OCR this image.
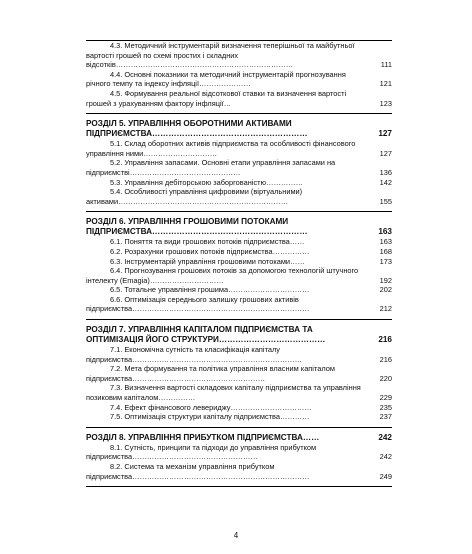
4.3. Методичний інструментарій визначення теперішньої та майбутньої вартості грошей по схемі простих і складних відсотків………………………………………………………………	111
4.4. Основні показники та методичний інструментарій прогнозування річного темпу та індексу інфляції…………………	121
4.5. Формування реальної відсоткової ставки та визначення вартості грошей з урахуванням фактору інфляції…	123
РОЗДІЛ 5. УПРАВЛІННЯ ОБОРОТНИМИ АКТИВАМИ ПІДПРИЄМСТВА…………………………………………………	127
5.1. Склад оборотних активів підприємства та особливості фінансового управління ними…………………………	127
5.2. Управління запасами. Основні етапи управління запасами на підприємстві………………………………………	136
5.3. Управління дебіторською заборгованістю……………	142
5.4. Особливості управління цифровими (віртуальними) активами……………………………………………………………	155
РОЗДІЛ 6. УПРАВЛІННЯ ГРОШОВИМИ ПОТОКАМИ ПІДПРИЄМСТВА…………………………………………………	163
6.1. Поняття та види грошових потоків підприємства……	163
6.2. Розрахунки грошових потоків підприємства……………	168
6.3. Інструментарій управління грошовими потоками……	173
6.4. Прогнозування грошових потоків за допомогою технологій штучного інтелекту (Emagia)…………………………	192
6.5. Тотальне управління грошима……………………………	202
6.6. Оптимізація середнього залишку грошових активів підприємства………………………………………………………………	212
РОЗДІЛ 7. УПРАВЛІННЯ КАПІТАЛОМ ПІДПРИЄМСТВА ТА ОПТИМІЗАЦІЯ ЙОГО СТРУКТУРИ…………………………………	216
7.1. Економічна сутність та класифікація капіталу підприємства……………………………………………………………	216
7.2. Мета формування та політика управління власним капіталом підприємства………………………………………………	220
7.3. Визначення вартості складових капіталу підприємства та управління позиковим капіталом……………	229
7.4. Ефект фінансового левериджу……………………………	235
7.5. Оптимізація структури капіталу підприємства…………	237
РОЗДІЛ 8. УПРАВЛІННЯ ПРИБУТКОМ ПІДПРИЄМСТВА……	242
8.1. Сутність, принципи та підходи до управління прибутком підприємства……………………………………………	242
8.2. Система та механізм управління прибутком підприємства………………………………………………………………	249
4
